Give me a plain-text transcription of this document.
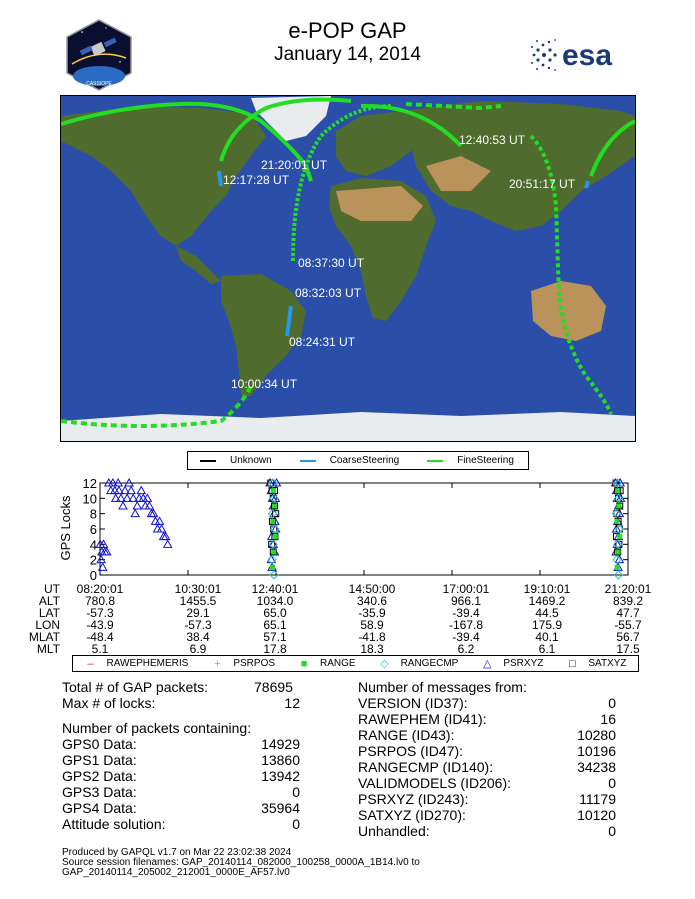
e-POP GAP
January 14, 2014
CASSIOPE
esa
21:20:01 UT
12:17:28 UT
12:40:53 UT
20:51:17 UT
08:37:30 UT
08:32:03 UT
08:24:31 UT
10:00:34 UT
Unknown	CoarseSteering	FineSteering
0
2
4
6
8
10
12
GPS Locks
UT	08:20:01	10:30:01	12:40:01	14:50:00	17:00:01	19:10:01	21:20:01
ALT	780.8	1455.5	1034.0	340.6	966.1	1469.2	839.2
LAT	-57.3	29.1	65.0	-35.9	-39.4	44.5	47.7
LON	-43.9	-57.3	65.1	58.9	-167.8	175.9	-55.7
MLAT	-48.4	38.4	57.1	-41.8	-39.4	40.1	56.7
MLT	5.1	6.9	17.8	18.3	6.2	6.1	17.5
– RAWEPHEMERIS + PSRPOS ■ RANGE ◇ RANGECMP △ PSRXYZ □ SATXYZ
Total # of GAP packets:	78695
Max # of locks:	12
Number of packets containing:
GPS0 Data:	14929
GPS1 Data:	13860
GPS2 Data:	13942
GPS3 Data:	0
GPS4 Data:	35964
Attitude solution:	0
Number of messages from:
VERSION (ID37):	0
RAWEPHEM (ID41):	16
RANGE (ID43):	10280
PSRPOS (ID47):	10196
RANGECMP (ID140):	34238
VALIDMODELS (ID206):	0
PSRXYZ (ID243):	11179
SATXYZ (ID270):	10120
Unhandled:	0
Produced by GAPQL v1.7 on Mar 22 23:02:38 2024
Source session filenames: GAP_20140114_082000_100258_0000A_1B14.lv0 to
GAP_20140114_205002_212001_0000E_AF57.lv0
